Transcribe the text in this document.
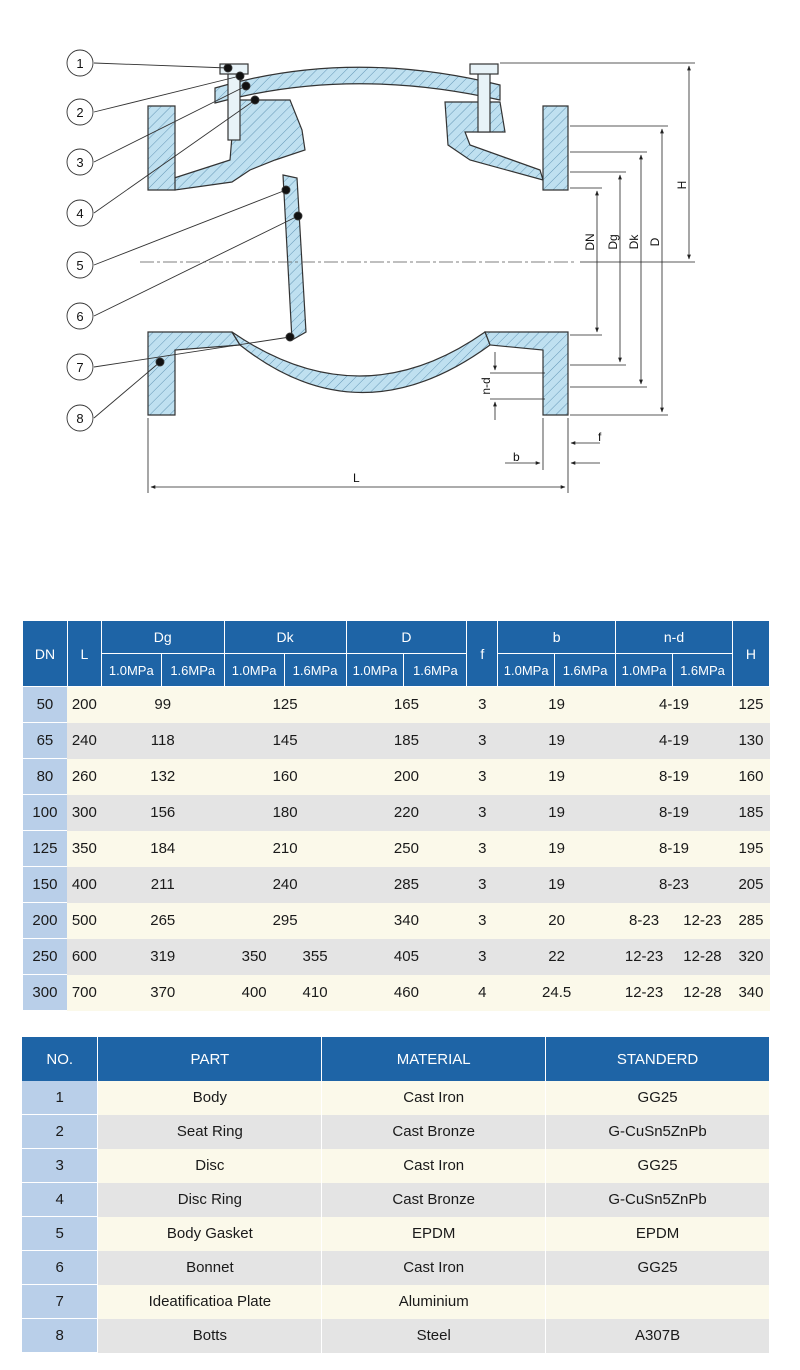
1
2
3
4
5
6
7
8
H
D
Dk
Dg
DN
n-d
f
b
L
DN	L	Dg		Dk		D		f	b		n-d		H
		1.0MPa	1.6MPa	1.0MPa	1.6MPa	1.0MPa	1.6MPa		1.0MPa	1.6MPa	1.0MPa	1.6MPa	
50	200	99		125		165		3	19		4-19		125
65	240	118		145		185		3	19		4-19		130
80	260	132		160		200		3	19		8-19		160
100	300	156		180		220		3	19		8-19		185
125	350	184		210		250		3	19		8-19		195
150	400	211		240		285		3	19		8-23		205
200	500	265		295		340		3	20		8-23	12-23	285
250	600	319		350	355	405		3	22		12-23	12-28	320
300	700	370		400	410	460		4	24.5		12-23	12-28	340
NO.	PART	MATERIAL	STANDERD
1	Body	Cast Iron	GG25
2	Seat Ring	Cast Bronze	G-CuSn5ZnPb
3	Disc	Cast Iron	GG25
4	Disc Ring	Cast Bronze	G-CuSn5ZnPb
5	Body Gasket	EPDM	EPDM
6	Bonnet	Cast Iron	GG25
7	Ideatificatioa Plate	Aluminium	
8	Botts	Steel	A307B
